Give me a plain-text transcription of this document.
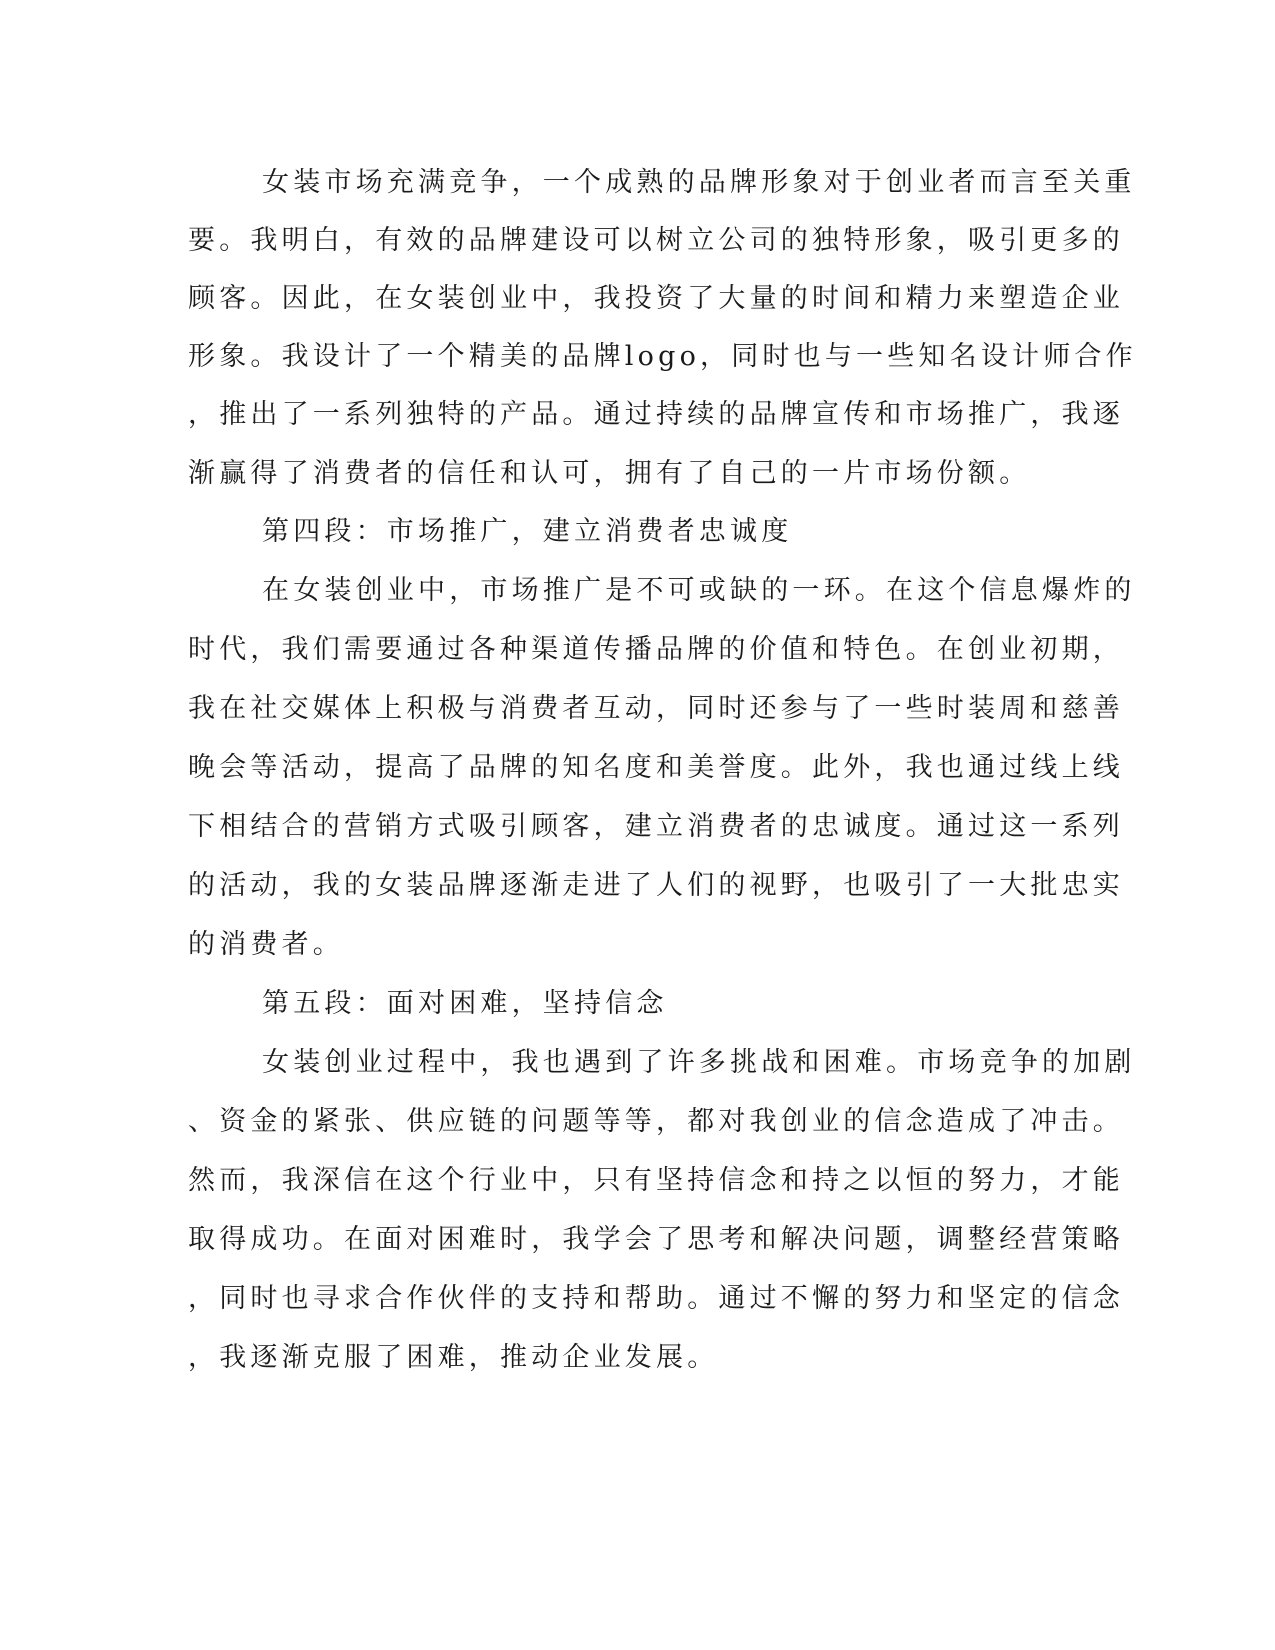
女装市场充满竞争，一个成熟的品牌形象对于创业者而言至关重
要。我明白，有效的品牌建设可以树立公司的独特形象，吸引更多的
顾客。因此，在女装创业中，我投资了大量的时间和精力来塑造企业
形象。我设计了一个精美的品牌logo，同时也与一些知名设计师合作
，推出了一系列独特的产品。通过持续的品牌宣传和市场推广，我逐
渐赢得了消费者的信任和认可，拥有了自己的一片市场份额。
第四段：市场推广，建立消费者忠诚度
在女装创业中，市场推广是不可或缺的一环。在这个信息爆炸的
时代，我们需要通过各种渠道传播品牌的价值和特色。在创业初期，
我在社交媒体上积极与消费者互动，同时还参与了一些时装周和慈善
晚会等活动，提高了品牌的知名度和美誉度。此外，我也通过线上线
下相结合的营销方式吸引顾客，建立消费者的忠诚度。通过这一系列
的活动，我的女装品牌逐渐走进了人们的视野，也吸引了一大批忠实
的消费者。
第五段：面对困难，坚持信念
女装创业过程中，我也遇到了许多挑战和困难。市场竞争的加剧
、资金的紧张、供应链的问题等等，都对我创业的信念造成了冲击。
然而，我深信在这个行业中，只有坚持信念和持之以恒的努力，才能
取得成功。在面对困难时，我学会了思考和解决问题，调整经营策略
，同时也寻求合作伙伴的支持和帮助。通过不懈的努力和坚定的信念
，我逐渐克服了困难，推动企业发展。
